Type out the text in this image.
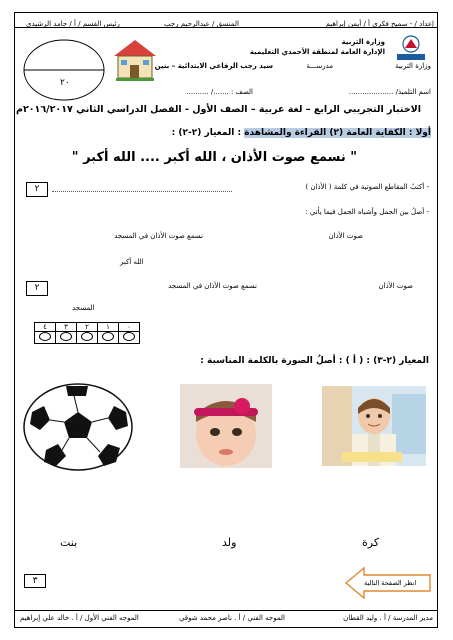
إعداد / - سميح فكري
أ / أيمن إبراهيم
المنسق / عبدالرحيم رجب
رئيس القسم / أ / حامد الرشيدي
وزارة التربية
وزارة التربية
الإدارة العامة لمنطقة الأحمدي التعليمية
مدرســـة
سيد رجب الرفاعي الابتدائية – بنين
٢٠
اسم التلميذ/ ....................
الصف : ......./ ..........
الاختبار التجريبي الرابع – لغة عربية – الصف الأول - الفصل الدراسي الثاني ٢٠١٦/٢٠١٧م
أولا : الكفاية العامة (٢) القراءة والمشاهدة : المعيار (٢-٢) :
" نسمع صوت الأذان ، الله أكبر .... الله أكبر "
- أكتبُ المقاطع الصوتية في كلمة ( الأذان )
٢
- أصلُ بين الجمل وأشباه الجمل فيما يأتي :
صوت الأذان
نسمع صوت الأذان في المسجد
الله أكبر
صوت الأذان
نسمع صوت الأذان في المسجد
٢
المسجد
٤	٣	٢	١	٠

المعيار (٢-٣) : ( أ ) : أصلُ الصورة بالكلمة المناسبة :
كرة
ولد
بنت
٣	انظر الصفحة التالية
مدير المدرسة / أ . وليد القطان
الموجه الفني / أ . ناصر محمد شوقي
الموجه الفني الأول / أ . خالد علي إبراهيم
